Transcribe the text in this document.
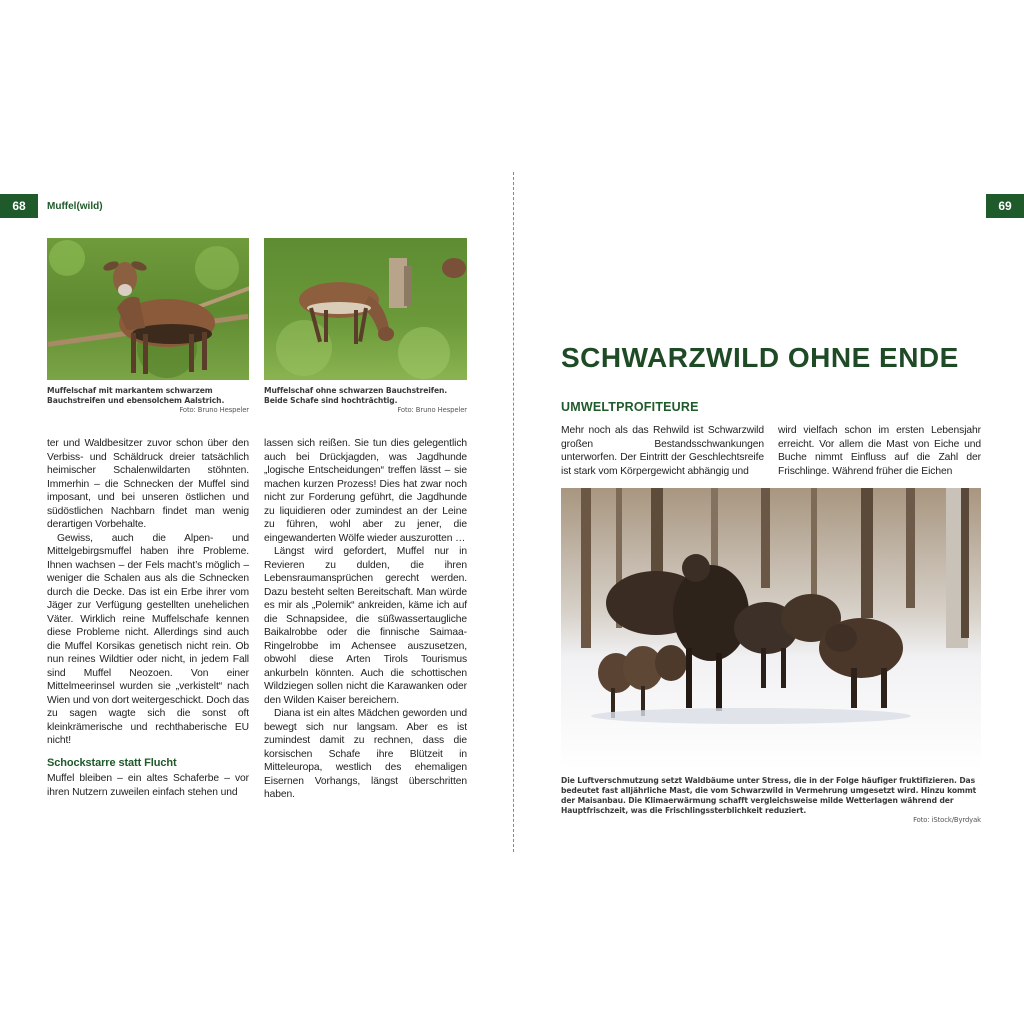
68	Muffel(wild)
Muffelschaf mit markantem schwarzem Bauchstreifen und ebensolchem Aalstrich.
Foto: Bruno Hespeler
Muffelschaf ohne schwarzen Bauchstreifen. Beide Schafe sind hochträchtig.
Foto: Bruno Hespeler

ter und Waldbesitzer zuvor schon über den Verbiss- und Schäldruck dreier tatsächlich heimischer Schalenwildarten stöhnten. Immerhin – die Schnecken der Muffel sind imposant, und bei unseren östlichen und südöstlichen Nachbarn findet man wenig derartigen Vorbehalte.

Gewiss, auch die Alpen- und Mittelgebirgsmuffel haben ihre Probleme. Ihnen wachsen – der Fels macht’s möglich – weniger die Schalen aus als die Schnecken durch die Decke. Das ist ein Erbe ihrer vom Jäger zur Verfügung gestellten unehelichen Väter. Wirklich reine Muffelschafe kennen diese Probleme nicht. Allerdings sind auch die Muffel Korsikas genetisch nicht rein. Ob nun reines Wildtier oder nicht, in jedem Fall sind Muffel Neozoen. Von einer Mittelmeerinsel wurden sie „verkistelt“ nach Wien und von dort weitergeschickt. Doch das zu sagen wagte sich die sonst oft kleinkrämerische und rechthaberische EU nicht!

Schockstarre statt Flucht

Muffel bleiben – ein altes Schaferbe – vor ihren Nutzern zuweilen einfach stehen und

lassen sich reißen. Sie tun dies gelegentlich auch bei Drückjagden, was Jagdhunde „logische Entscheidungen“ treffen lässt – sie machen kurzen Prozess! Dies hat zwar noch nicht zur Forderung geführt, die Jagdhunde zu liquidieren oder zumindest an der Leine zu führen, wohl aber zu jener, die eingewanderten Wölfe wieder auszurotten …

Längst wird gefordert, Muffel nur in Revieren zu dulden, die ihren Lebensraumansprüchen gerecht werden. Dazu besteht selten Bereitschaft. Man würde es mir als „Polemik“ ankreiden, käme ich auf die Schnapsidee, die süßwassertaugliche Baikalrobbe oder die finnische Saimaa-Ringelrobbe im Achensee auszusetzen, obwohl diese Arten Tirols Tourismus ankurbeln könnten. Auch die schottischen Wildziegen sollen nicht die Karawanken oder den Wilden Kaiser bereichern.

Diana ist ein altes Mädchen geworden und bewegt sich nur langsam. Aber es ist zumindest damit zu rechnen, dass die korsischen Schafe ihre Blützeit in Mitteleuropa, westlich des ehemaligen Eisernen Vorhangs, längst überschritten haben.

69
SCHWARZWILD OHNE ENDE
UMWELTPROFITEURE

Mehr noch als das Rehwild ist Schwarzwild großen Bestandsschwankungen unterworfen. Der Eintritt der Geschlechtsreife ist stark vom Körpergewicht abhängig und

wird vielfach schon im ersten Lebensjahr erreicht. Vor allem die Mast von Eiche und Buche nimmt Einfluss auf die Zahl der Frischlinge. Während früher die Eichen

Die Luftverschmutzung setzt Waldbäume unter Stress, die in der Folge häufiger fruktifizieren. Das bedeutet fast alljährliche Mast, die vom Schwarzwild in Vermehrung umgesetzt wird. Hinzu kommt der Maisanbau. Die Klimaerwärmung schafft vergleichsweise milde Wetterlagen während der Hauptfrischzeit, was die Frischlingssterblichkeit reduziert.
Foto: iStock/Byrdyak
